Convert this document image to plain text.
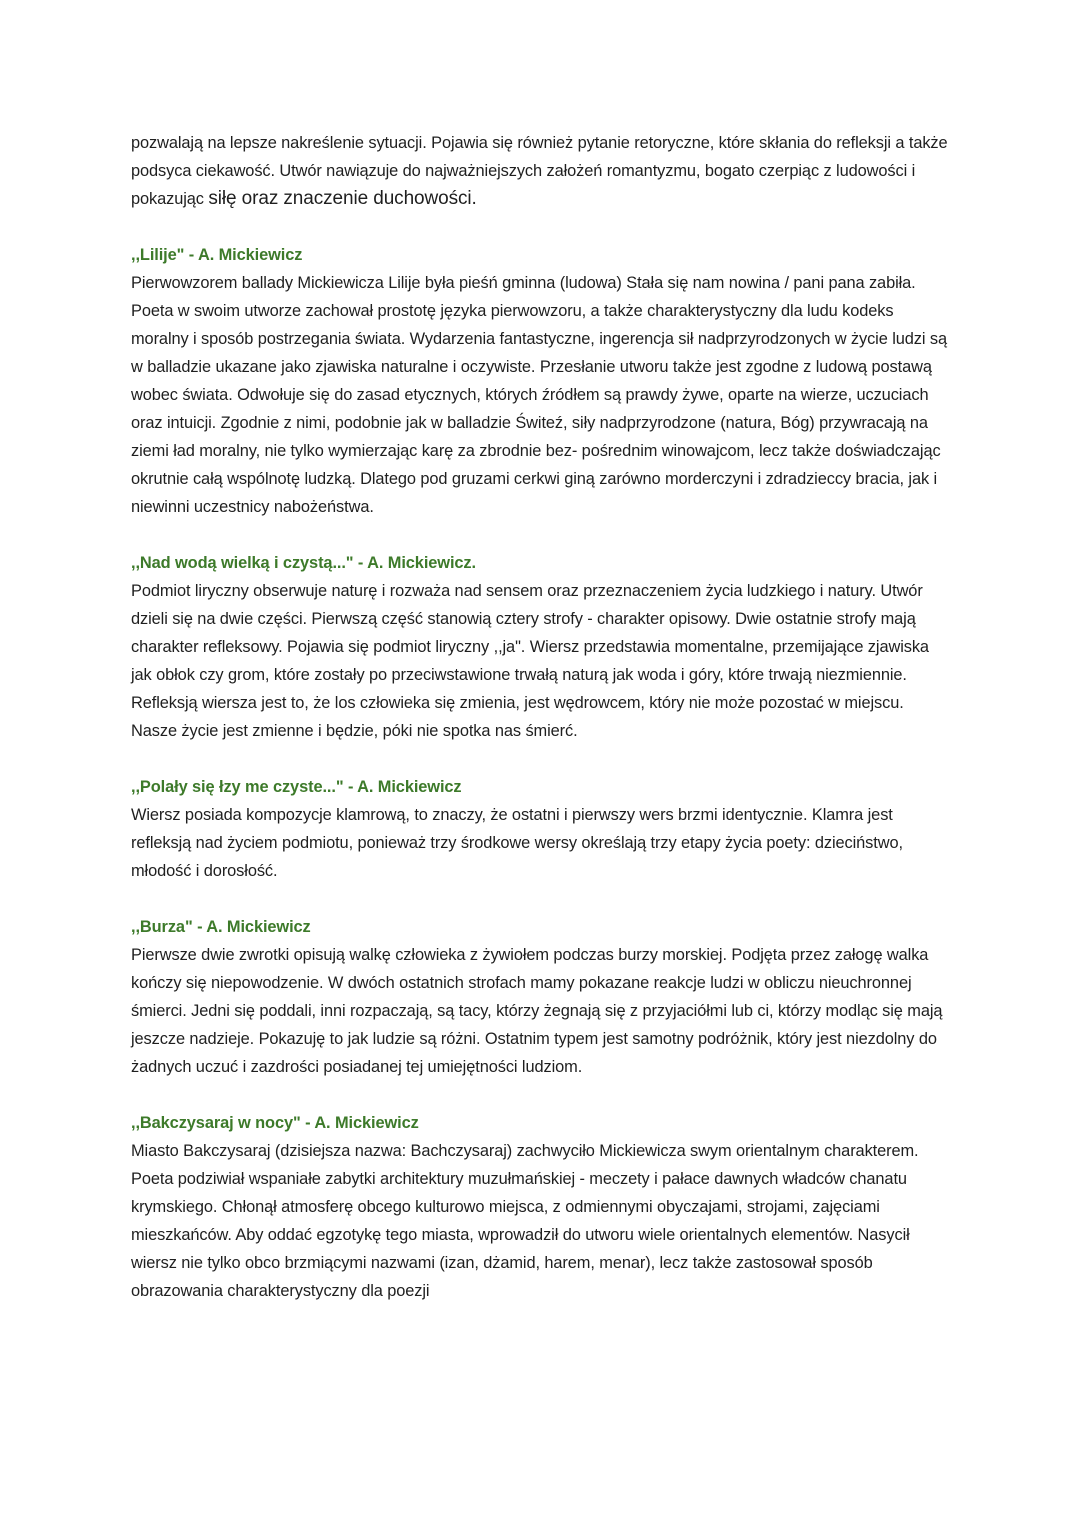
pozwalają na lepsze nakreślenie sytuacji. Pojawia się również pytanie retoryczne, które skłania do refleksji a także podsyca ciekawość. Utwór nawiązuje do najważniejszych założeń romantyzmu, bogato czerpiąc z ludowości i pokazując siłę oraz znaczenie duchowości.

,,Lilije" - A. Mickiewicz

Pierwowzorem ballady Mickiewicza Lilije była pieśń gminna (ludowa) Stała się nam nowina / pani pana zabiła. Poeta w swoim utworze zachował prostotę języka pierwowzoru, a także charakterystyczny dla ludu kodeks moralny i sposób postrzegania świata. Wydarzenia fantastyczne, ingerencja sił nadprzyrodzonych w życie ludzi są w balladzie ukazane jako zjawiska naturalne i oczywiste. Przesłanie utworu także jest zgodne z ludową postawą wobec świata. Odwołuje się do zasad etycznych, których źródłem są prawdy żywe, oparte na wierze, uczuciach oraz intuicji. Zgodnie z nimi, podobnie jak w balladzie Świteź, siły nadprzyrodzone (natura, Bóg) przywracają na ziemi ład moralny, nie tylko wymierzając karę za zbrodnie bez- pośrednim winowajcom, lecz także doświadczając okrutnie całą wspólnotę ludzką. Dlatego pod gruzami cerkwi giną zarówno morderczyni i zdradzieccy bracia, jak i niewinni uczestnicy nabożeństwa.

,,Nad wodą wielką i czystą..." - A. Mickiewicz.

Podmiot liryczny obserwuje naturę i rozważa nad sensem oraz przeznaczeniem życia ludzkiego i natury. Utwór dzieli się na dwie części. Pierwszą część stanowią cztery strofy - charakter opisowy. Dwie ostatnie strofy mają charakter refleksowy. Pojawia się podmiot liryczny ,,ja". Wiersz przedstawia momentalne, przemijające zjawiska jak obłok czy grom, które zostały po przeciwstawione trwałą naturą jak woda i góry, które trwają niezmiennie. Refleksją wiersza jest to, że los człowieka się zmienia, jest wędrowcem, który nie może pozostać w miejscu. Nasze życie jest zmienne i będzie, póki nie spotka nas śmierć.

,,Polały się łzy me czyste..." - A. Mickiewicz

Wiersz posiada kompozycje klamrową, to znaczy, że ostatni i pierwszy wers brzmi identycznie. Klamra jest refleksją nad życiem podmiotu, ponieważ trzy środkowe wersy określają trzy etapy życia poety: dzieciństwo, młodość i dorosłość.

,,Burza" - A. Mickiewicz

Pierwsze dwie zwrotki opisują walkę człowieka z żywiołem podczas burzy morskiej. Podjęta przez załogę walka kończy się niepowodzenie. W dwóch ostatnich strofach mamy pokazane reakcje ludzi w obliczu nieuchronnej śmierci. Jedni się poddali, inni rozpaczają, są tacy, którzy żegnają się z przyjaciółmi lub ci, którzy modląc się mają jeszcze nadzieje. Pokazuję to jak ludzie są różni. Ostatnim typem jest samotny podróżnik, który jest niezdolny do żadnych uczuć i zazdrości posiadanej tej umiejętności ludziom.

,,Bakczysaraj w nocy" - A. Mickiewicz

Miasto Bakczysaraj (dzisiejsza nazwa: Bachczysaraj) zachwyciło Mickiewicza swym orientalnym charakterem. Poeta podziwiał wspaniałe zabytki architektury muzułmańskiej - meczety i pałace dawnych władców chanatu krymskiego. Chłonął atmosferę obcego kulturowo miejsca, z odmiennymi obyczajami, strojami, zajęciami mieszkańców. Aby oddać egzotykę tego miasta, wprowadził do utworu wiele orientalnych elementów. Nasycił wiersz nie tylko obco brzmiącymi nazwami (izan, dżamid, harem, menar), lecz także zastosował sposób obrazowania charakterystyczny dla poezji
